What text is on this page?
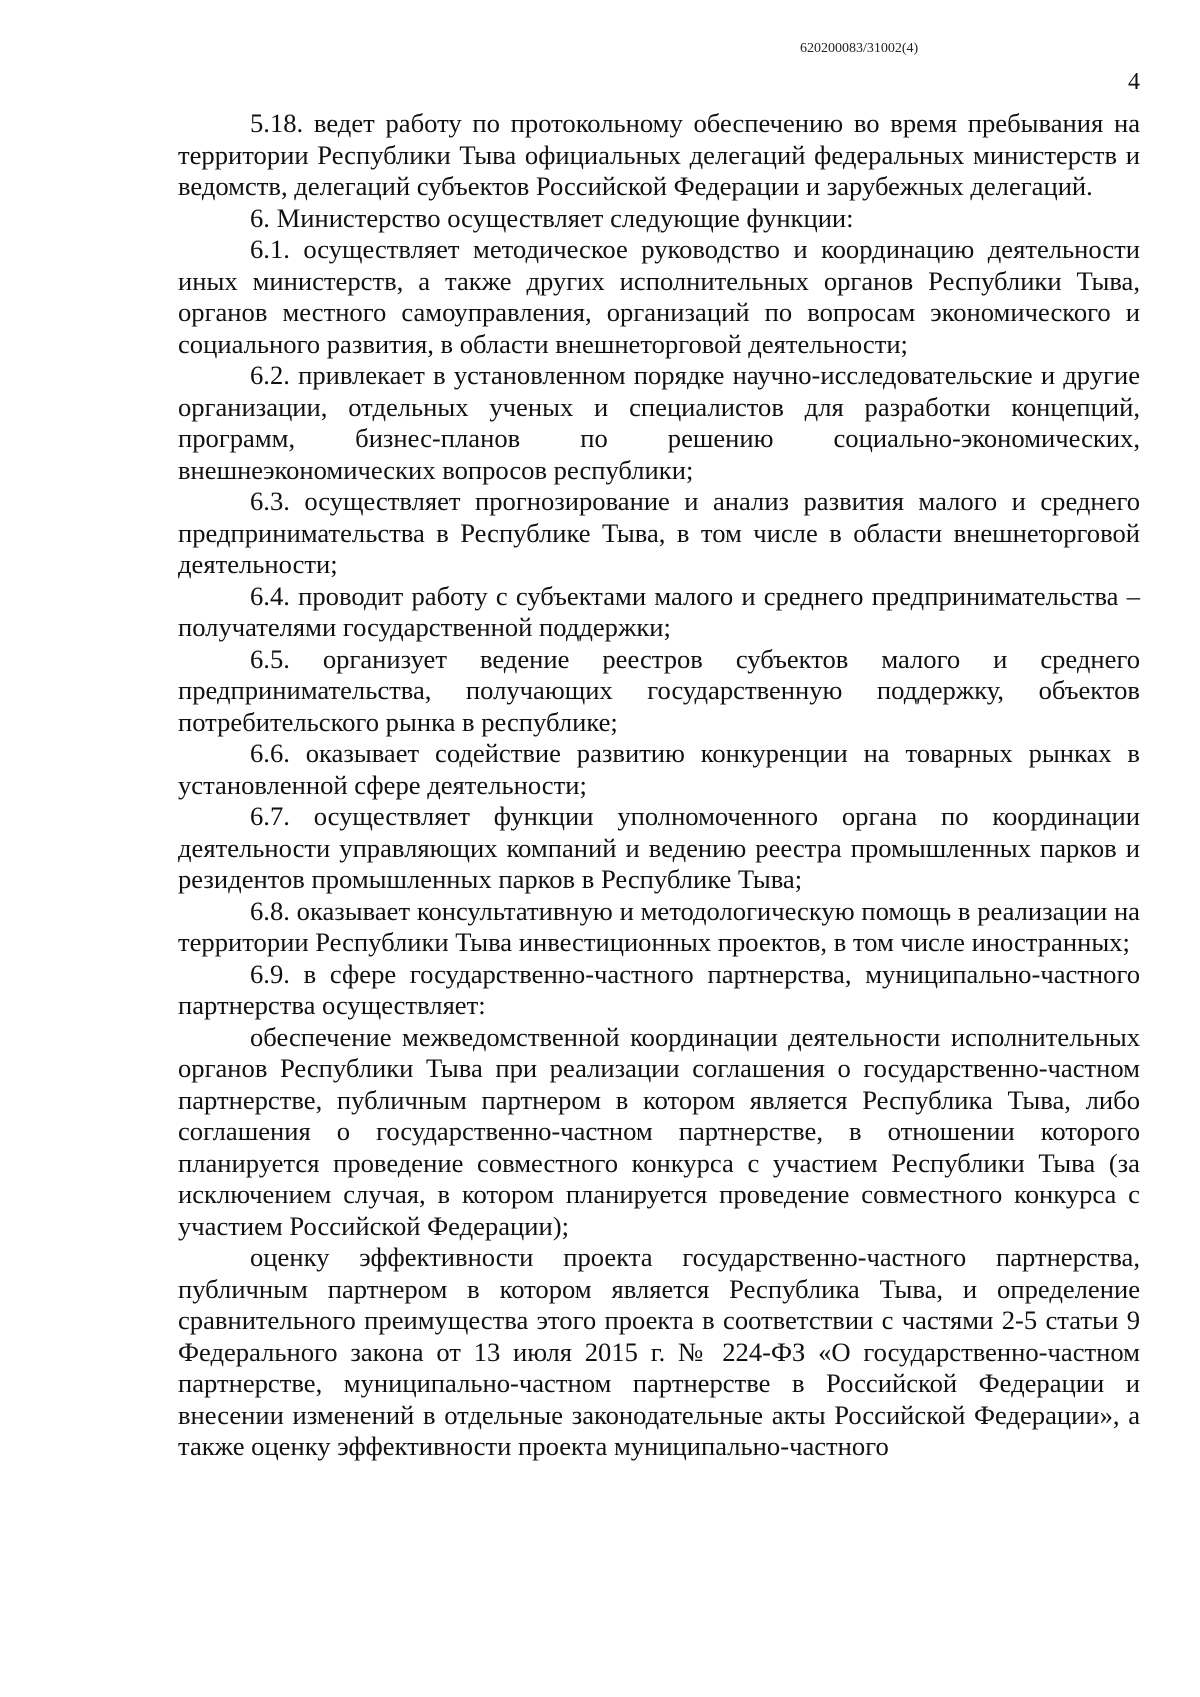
620200083/31002(4)
4

5.18. ведет работу по протокольному обеспечению во время пребывания на территории Республики Тыва официальных делегаций федеральных министерств и ведомств, делегаций субъектов Российской Федерации и зарубежных делегаций.

6. Министерство осуществляет следующие функции:

6.1. осуществляет методическое руководство и координацию деятельности иных министерств, а также других исполнительных органов Республики Тыва, органов местного самоуправления, организаций по вопросам экономического и социального развития, в области внешнеторговой деятельности;

6.2. привлекает в установленном порядке научно-исследовательские и другие организации, отдельных ученых и специалистов для разработки концепций, программ, бизнес-планов по решению социально-экономических, внешнеэкономических вопросов республики;

6.3. осуществляет прогнозирование и анализ развития малого и среднего предпринимательства в Республике Тыва, в том числе в области внешнеторговой деятельности;

6.4. проводит работу с субъектами малого и среднего предпринимательства – получателями государственной поддержки;

6.5. организует ведение реестров субъектов малого и среднего предпринимательства, получающих государственную поддержку, объектов потребительского рынка в республике;

6.6. оказывает содействие развитию конкуренции на товарных рынках в установленной сфере деятельности;

6.7. осуществляет функции уполномоченного органа по координации деятельности управляющих компаний и ведению реестра промышленных парков и резидентов промышленных парков в Республике Тыва;

6.8. оказывает консультативную и методологическую помощь в реализации на территории Республики Тыва инвестиционных проектов, в том числе иностранных;

6.9. в сфере государственно-частного партнерства, муниципально-частного партнерства осуществляет:

обеспечение межведомственной координации деятельности исполнительных органов Республики Тыва при реализации соглашения о государственно-частном партнерстве, публичным партнером в котором является Республика Тыва, либо соглашения о государственно-частном партнерстве, в отношении которого планируется проведение совместного конкурса с участием Республики Тыва (за исключением случая, в котором планируется проведение совместного конкурса с участием Российской Федерации);

оценку эффективности проекта государственно-частного партнерства, публичным партнером в котором является Республика Тыва, и определение сравнительного преимущества этого проекта в соответствии с частями 2-5 статьи 9 Федерального закона от 13 июля 2015 г. № 224-ФЗ «О государственно-частном партнерстве, муниципально-частном партнерстве в Российской Федерации и внесении изменений в отдельные законодательные акты Российской Федерации», а также оценку эффективности проекта муниципально-частного
